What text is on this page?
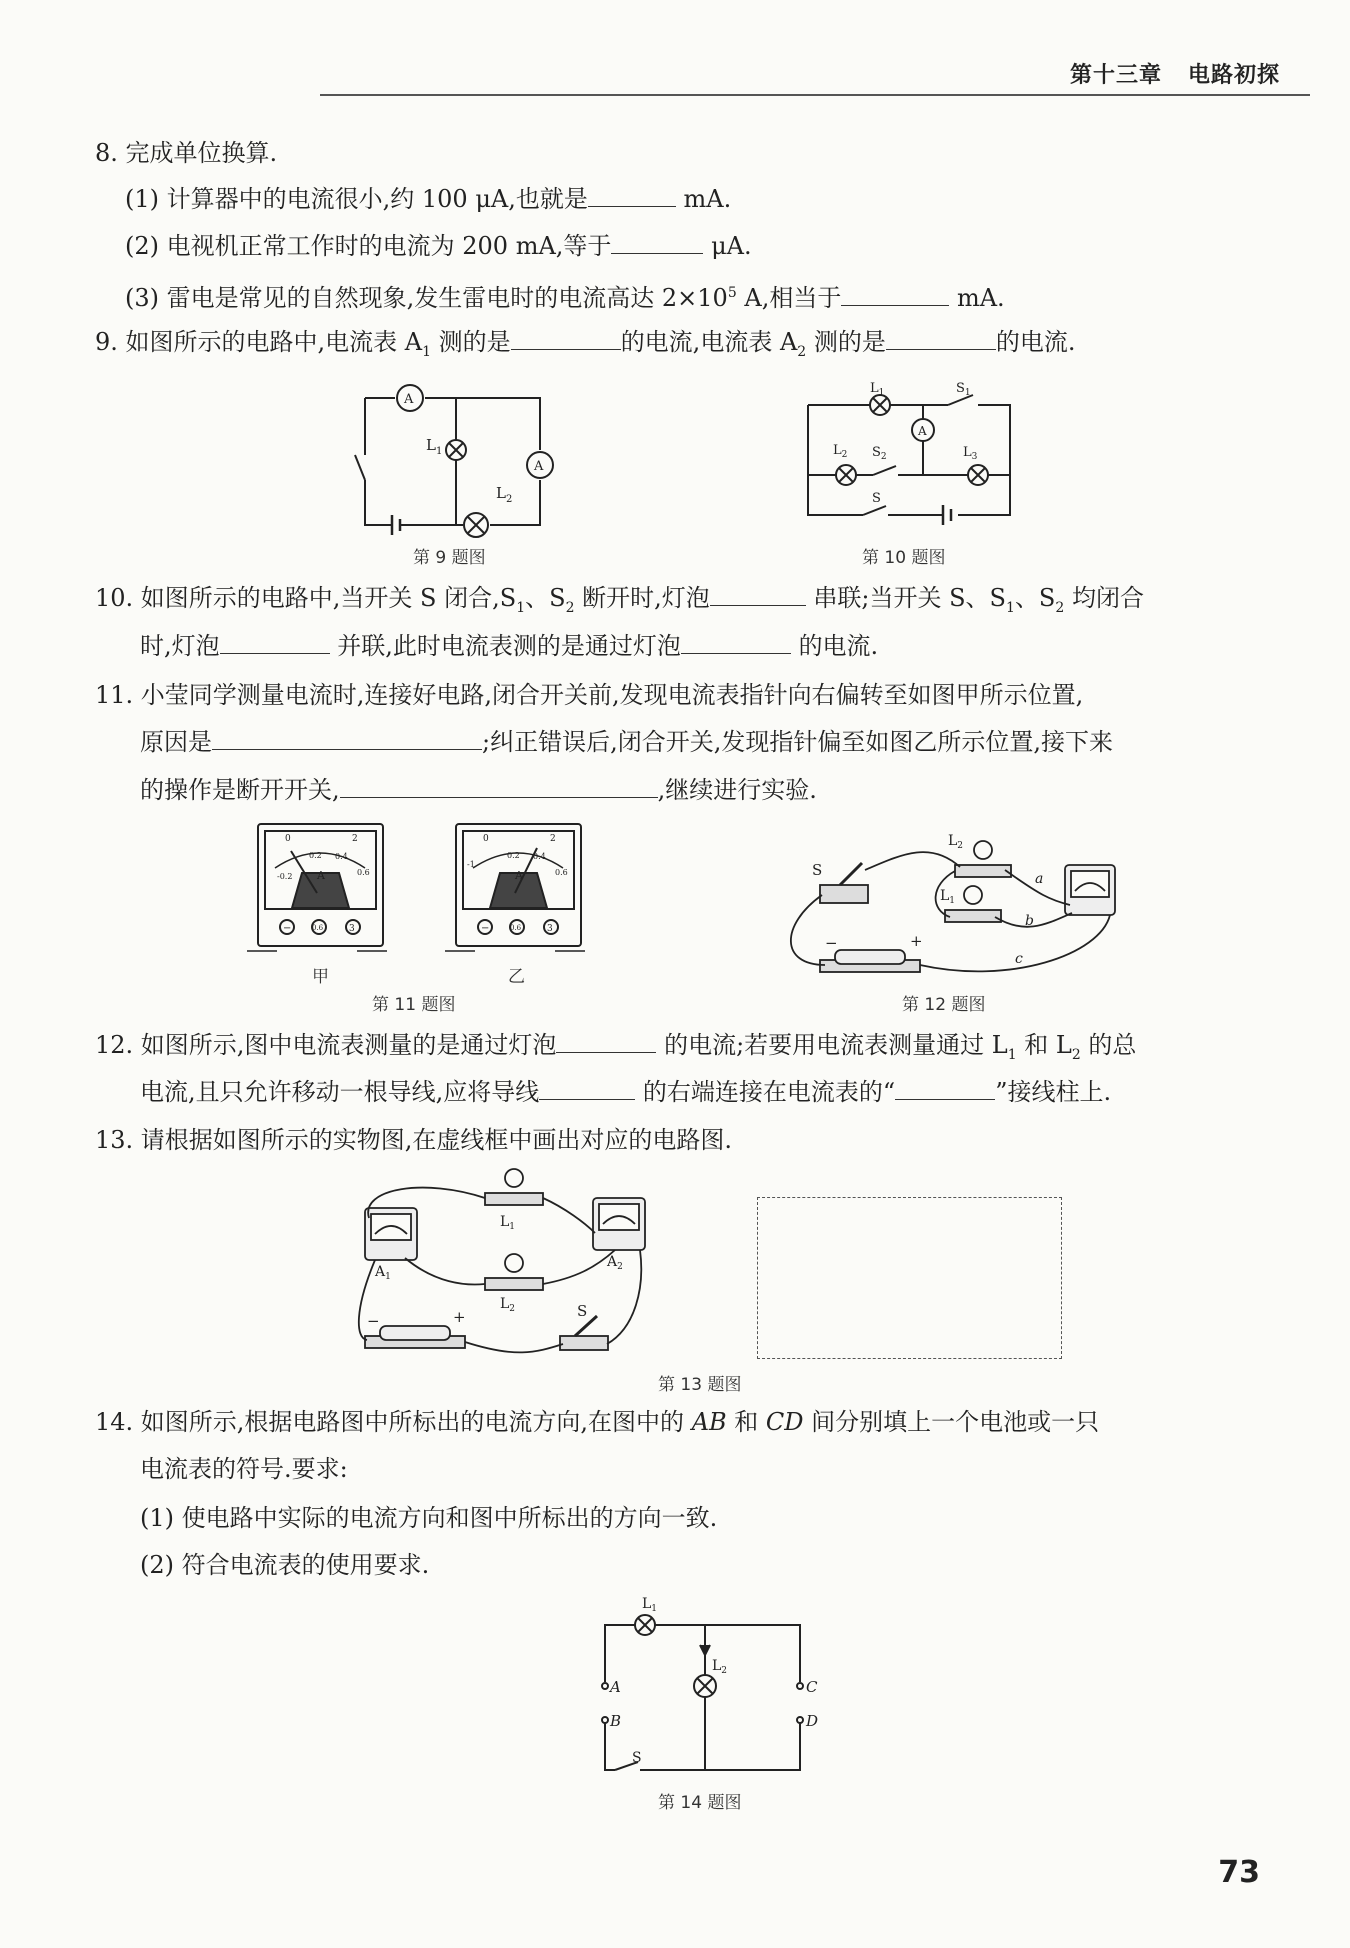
第十三章 电路初探
8. 完成单位换算.
(1) 计算器中的电流很小,约 100 μA,也就是	mA.
(2) 电视机正常工作时的电流为 200 mA,等于	μA.
(3) 雷电是常见的自然现象,发生雷电时的电流高达 $2\times 10^5$ A,相当于	mA.
9. 如图所示的电路中,电流表 $A_1$ 测的是	的电流,电流表 $A_2$ 测的是	的电流.
A
A
$L_1$
$L_2$
第 9 题图
A
$L_1$	$S_1$
$L_2$ $S_2$	$L_3$
S
第 10 题图
10. 如图所示的电路中,当开关 S 闭合$,S_1$、$S_2$ 断开时,灯泡	串联;当开关 S、$S_1$、$S_2$ 均闭合
时,灯泡	并联,此时电流表测的是通过灯泡	的电流.
11. 小莹同学测量电流时,连接好电路,闭合开关前,发现电流表指针向右偏转至如图甲所示位置,
原因是	;纠正错误后,闭合开关,发现指针偏至如图乙所示位置,接下来
的操作是断开开关,	,继续进行实验.
A
-0.2
0
0.2 0.4
0.6
2
−	0.6	3
甲
A
-1
0
0.2 0.4
0.6
2
−	0.6	3
乙
第 11 题图
S
$L_2$
$L_1$
−	+
a
b
c
第 12 题图
12. 如图所示,图中电流表测量的是通过灯泡	的电流;若要用电流表测量通过 $L_1$ 和 $L_2$ 的总
电流,且只允许移动一根导线,应将导线	的右端连接在电流表的“	”接线柱上.
13. 请根据如图所示的实物图,在虚线框中画出对应的电路图.
$A_1$
$A_2$
$L_1$
$L_2$
−	+	S
第 13 题图
14. 如图所示,根据电路图中所标出的电流方向,在图中的 AB 和 CD 间分别填上一个电池或一只
电流表的符号.要求:
(1) 使电路中实际的电流方向和图中所标出的方向一致.
(2) 符合电流表的使用要求.
$L_1$
$L_2$
A
B
C
D
S
第 14 题图
73
